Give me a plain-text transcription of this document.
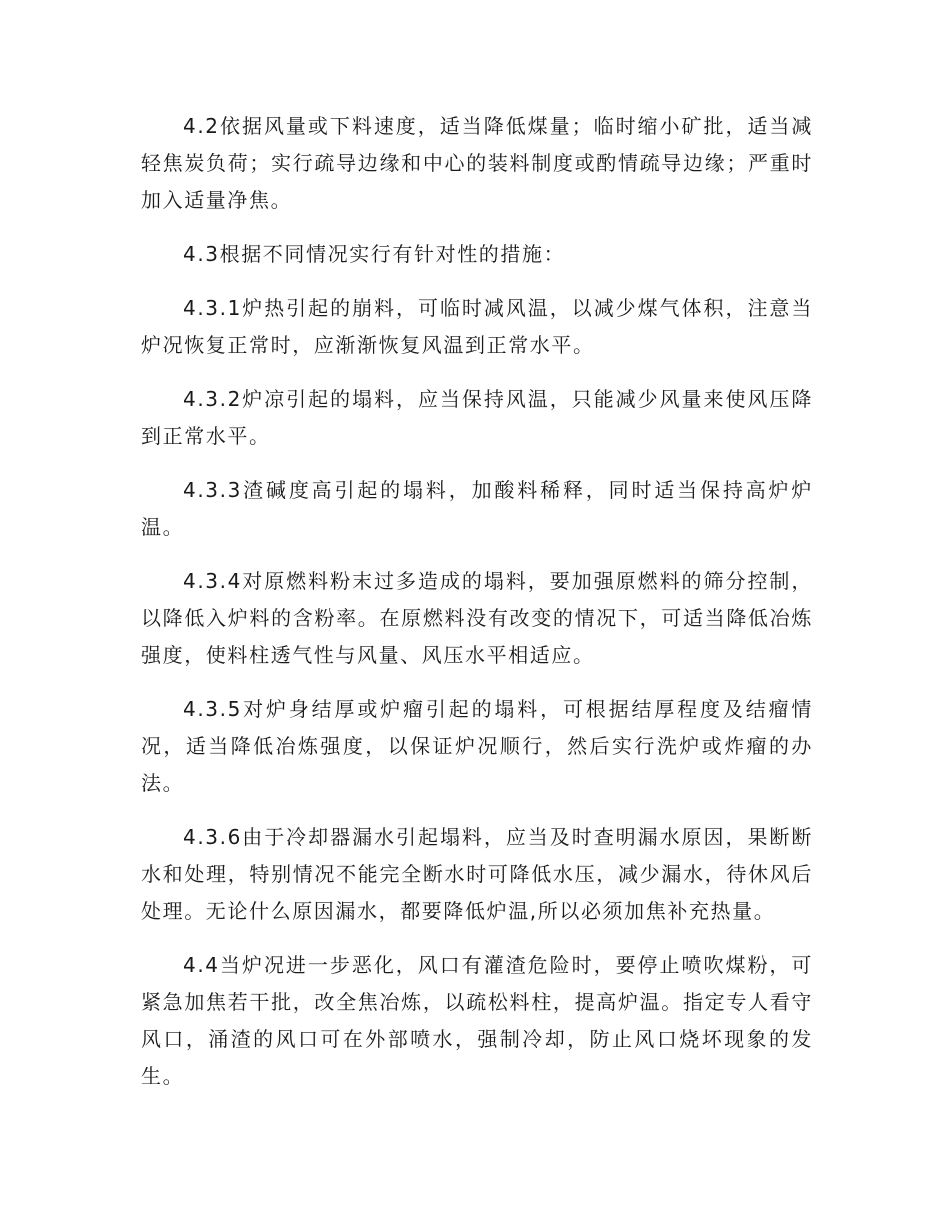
4.2依据风量或下料速度，适当降低煤量；临时缩小矿批，适当减轻焦炭负荷；实行疏导边缘和中心的装料制度或酌情疏导边缘；严重时加入适量净焦。

4.3根据不同情况实行有针对性的措施：

4.3.1炉热引起的崩料，可临时减风温，以减少煤气体积，注意当炉况恢复正常时，应渐渐恢复风温到正常水平。

4.3.2炉凉引起的塌料，应当保持风温，只能减少风量来使风压降到正常水平。

4.3.3渣碱度高引起的塌料，加酸料稀释，同时适当保持高炉炉温。

4.3.4对原燃料粉末过多造成的塌料，要加强原燃料的筛分控制，以降低入炉料的含粉率。在原燃料没有改变的情况下，可适当降低冶炼强度，使料柱透气性与风量、风压水平相适应。

4.3.5对炉身结厚或炉瘤引起的塌料，可根据结厚程度及结瘤情况，适当降低冶炼强度，以保证炉况顺行，然后实行洗炉或炸瘤的办法。

4.3.6由于冷却器漏水引起塌料，应当及时查明漏水原因，果断断水和处理，特别情况不能完全断水时可降低水压，减少漏水，待休风后处理。无论什么原因漏水，都要降低炉温,所以必须加焦补充热量。

4.4当炉况进一步恶化，风口有灌渣危险时，要停止喷吹煤粉，可紧急加焦若干批，改全焦冶炼，以疏松料柱，提高炉温。指定专人看守风口，涌渣的风口可在外部喷水，强制冷却，防止风口烧坏现象的发生。
